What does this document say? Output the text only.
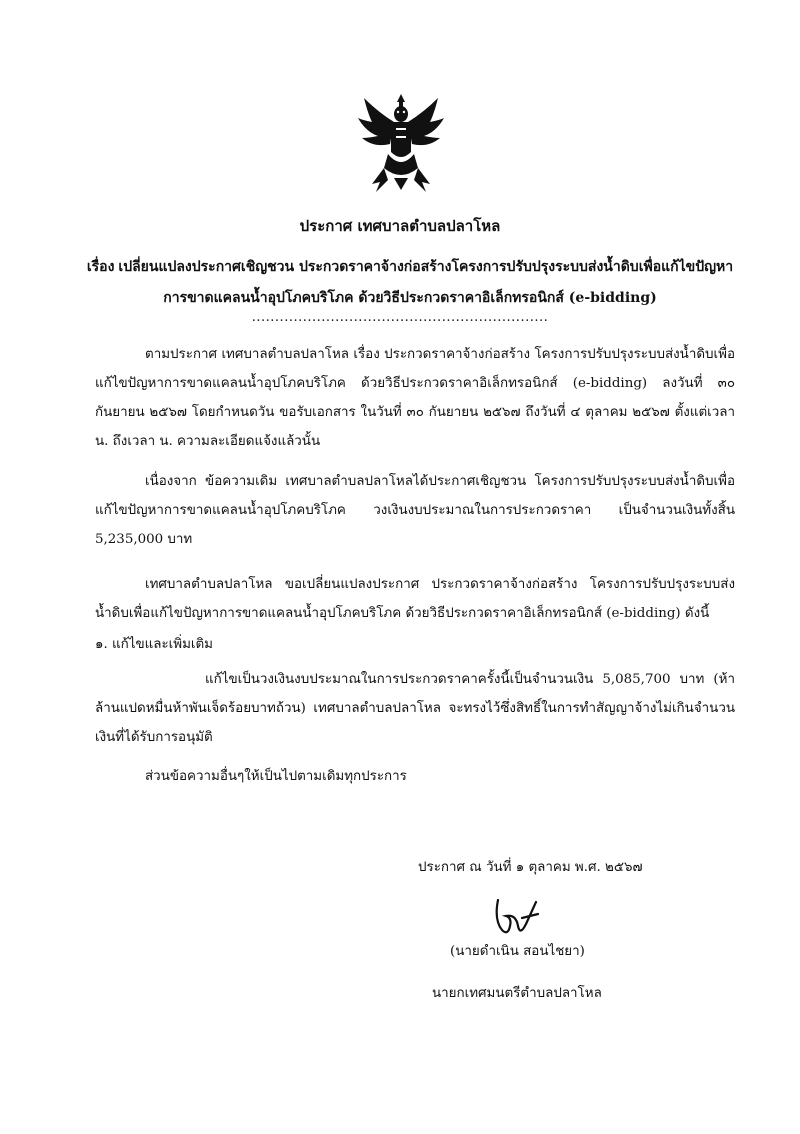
ประกาศ เทศบาลตำบลปลาโหล
เรื่อง เปลี่ยนแปลงประกาศเชิญชวน ประกวดราคาจ้างก่อสร้างโครงการปรับปรุงระบบส่งน้ำดิบเพื่อแก้ไขปัญหาการขาดแคลนน้ำอุปโภคบริโภค ด้วยวิธีประกวดราคาอิเล็กทรอนิกส์ (e-bidding)
................................................................
ตามประกาศ เทศบาลตำบลปลาโหล เรื่อง ประกวดราคาจ้างก่อสร้าง โครงการปรับปรุงระบบส่งน้ำดิบเพื่อแก้ไขปัญหาการขาดแคลนน้ำอุปโภคบริโภค ด้วยวิธีประกวดราคาอิเล็กทรอนิกส์ (e-bidding) ลงวันที่ ๓๐ กันยายน ๒๕๖๗ โดยกำหนดวัน ขอรับเอกสาร ในวันที่ ๓๐ กันยายน ๒๕๖๗ ถึงวันที่ ๔ ตุลาคม ๒๕๖๗ ตั้งแต่เวลา น. ถึงเวลา น. ความละเอียดแจ้งแล้วนั้น
เนื่องจาก ข้อความเดิม เทศบาลตำบลปลาโหลได้ประกาศเชิญชวน โครงการปรับปรุงระบบส่งน้ำดิบเพื่อแก้ไขปัญหาการขาดแคลนน้ำอุปโภคบริโภค วงเงินงบประมาณในการประกวดราคา เป็นจำนวนเงินทั้งสิ้น 5,235,000 บาท
เทศบาลตำบลปลาโหล ขอเปลี่ยนแปลงประกาศ ประกวดราคาจ้างก่อสร้าง โครงการปรับปรุงระบบส่งน้ำดิบเพื่อแก้ไขปัญหาการขาดแคลนน้ำอุปโภคบริโภค ด้วยวิธีประกวดราคาอิเล็กทรอนิกส์ (e-bidding) ดังนี้
๑. แก้ไขและเพิ่มเติม
แก้ไขเป็นวงเงินงบประมาณในการประกวดราคาครั้งนี้เป็นจำนวนเงิน 5,085,700 บาท (ห้าล้านแปดหมื่นห้าพันเจ็ดร้อยบาทถ้วน) เทศบาลตำบลปลาโหล จะทรงไว้ซึ่งสิทธิ์ในการทำสัญญาจ้างไม่เกินจำนวนเงินที่ได้รับการอนุมัติ
ส่วนข้อความอื่นๆให้เป็นไปตามเดิมทุกประการ
ประกาศ ณ วันที่ ๑ ตุลาคม พ.ศ. ๒๕๖๗
(นายดำเนิน สอนไชยา)
นายกเทศมนตรีตำบลปลาโหล
